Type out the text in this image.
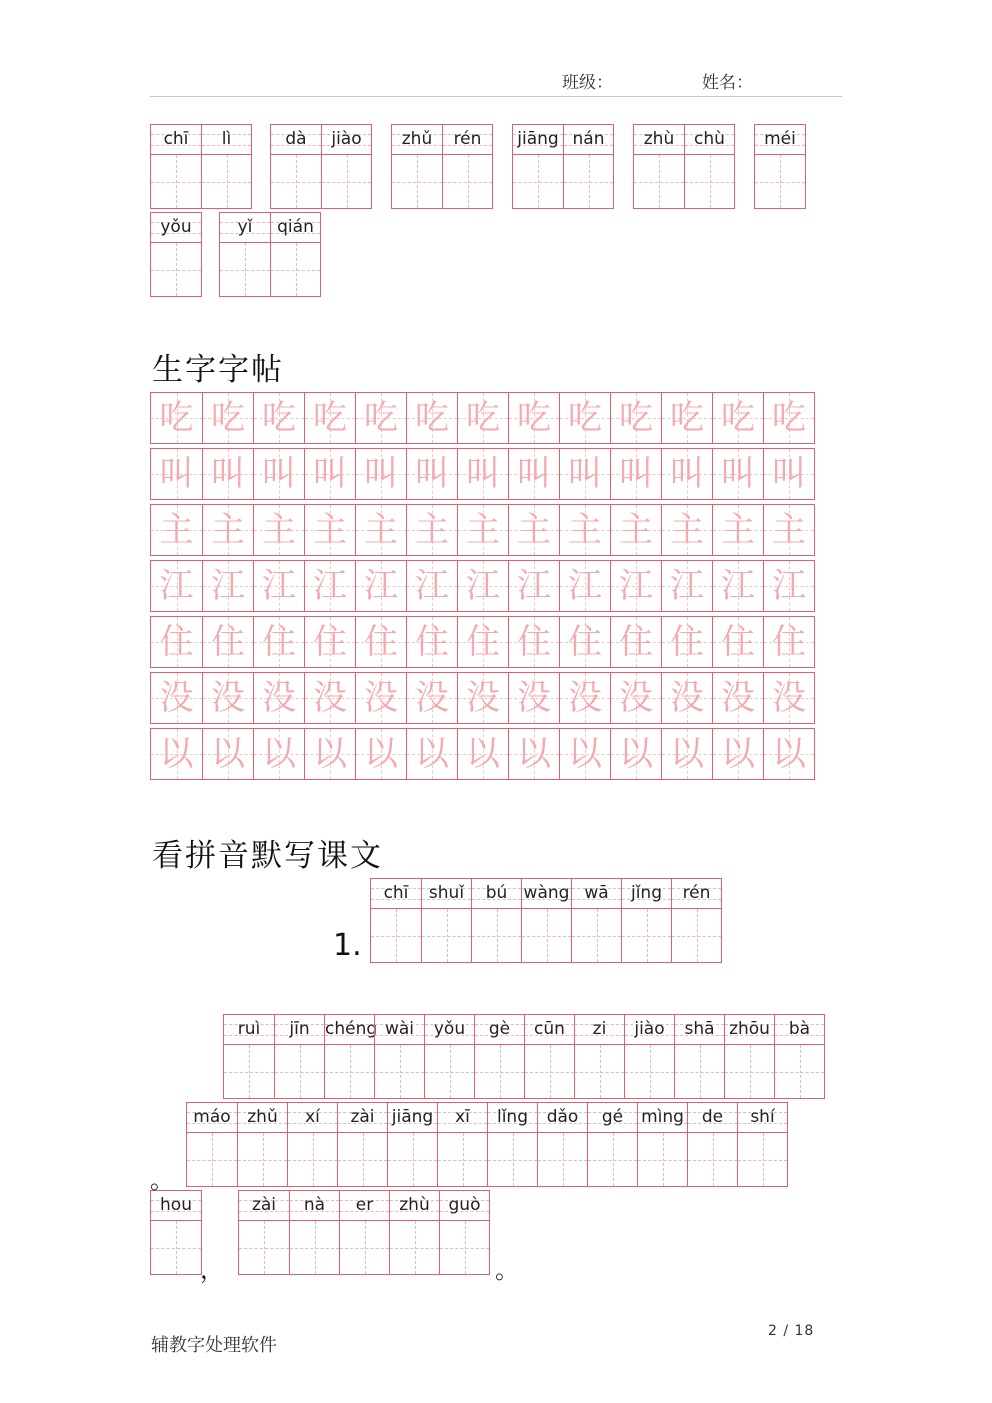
班级：	姓名：
chī	lì	dà	jiào	zhǔ	rén	jiāng nán	zhù	chù	méi
yǒu	yǐ	qián
生字字帖
吃 吃 吃 吃 吃 吃 吃 吃 吃 吃 吃 吃 吃
叫 叫 叫 叫 叫 叫 叫 叫 叫 叫 叫 叫 叫
主 主 主 主 主 主 主 主 主 主 主 主 主
江 江 江 江 江 江 江 江 江 江 江 江 江
住 住 住 住 住 住 住 住 住 住 住 住 住
没 没 没 没 没 没 没 没 没 没 没 没 没
以 以 以 以 以 以 以 以 以 以 以 以 以
看拼音默写课文
1.
chī	shuǐ	bú wàng wā	jǐng	rén
ruì	jīn chéng wài	yǒu	gè	cūn	zi	jiào	shā zhōu	bà
máo zhǔ	xí	zài	jiāng	xī	lǐng	dǎo	gé	mìng	de	shí
hou	zài	nà	er	zhù	guò
。
，	。
辅教字处理软件
2 / 18
